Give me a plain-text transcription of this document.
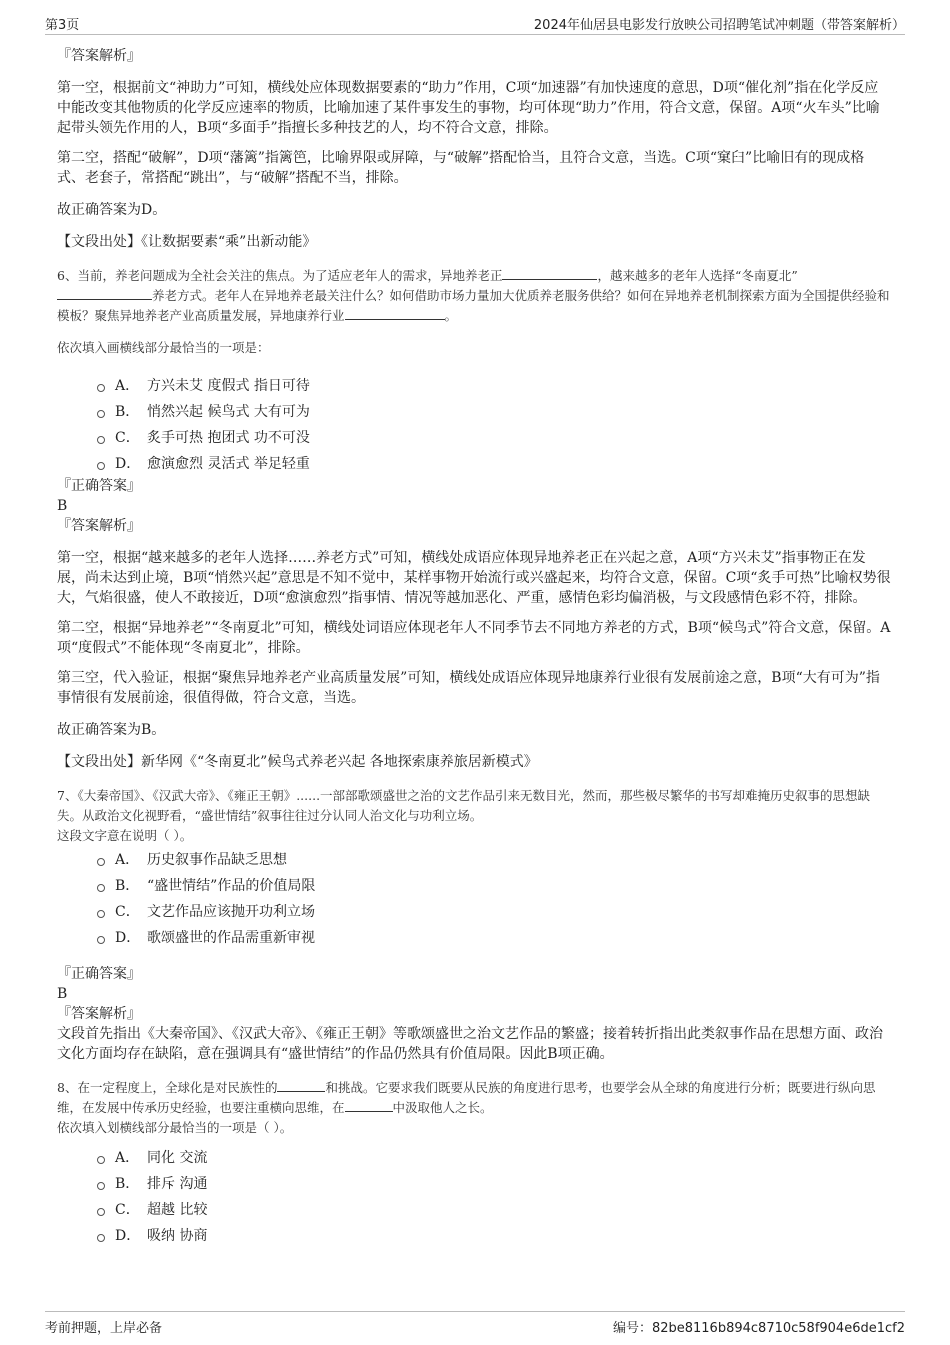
第3页	2024年仙居县电影发行放映公司招聘笔试冲刺题（带答案解析）
『答案解析』

第一空，根据前文“神助力”可知，横线处应体现数据要素的“助力”作用，C项“加速器”有加快速度的意思，D项“催化剂”指在化学反应中能改变其他物质的化学反应速率的物质，比喻加速了某件事发生的事物，均可体现“助力”作用，符合文意，保留。A项“火车头”比喻起带头领先作用的人，B项“多面手”指擅长多种技艺的人，均不符合文意，排除。

第二空，搭配“破解”，D项“藩篱”指篱笆，比喻界限或屏障，与“破解”搭配恰当，且符合文意，当选。C项“窠臼”比喻旧有的现成格式、老套子，常搭配“跳出”，与“破解”搭配不当，排除。

故正确答案为D。

【文段出处】《让数据要素“乘”出新动能》

6、当前，养老问题成为全社会关注的焦点。为了适应老年人的需求，异地养老正	，越来越多的老年人选择“冬南夏北”养老方式。老年人在异地养老最关注什么？如何借助市场力量加大优质养老服务供给？如何在异地养老机制探索方面为全国提供经验和模板？聚焦异地养老产业高质量发展，异地康养行业	。

依次填入画横线部分最恰当的一项是：

A． 方兴未艾 度假式 指日可待
B． 悄然兴起 候鸟式 大有可为
C． 炙手可热 抱团式 功不可没
D． 愈演愈烈 灵活式 举足轻重
『正确答案』
B
『答案解析』

第一空，根据“越来越多的老年人选择……养老方式”可知，横线处成语应体现异地养老正在兴起之意，A项“方兴未艾”指事物正在发展，尚未达到止境，B项“悄然兴起”意思是不知不觉中，某样事物开始流行或兴盛起来，均符合文意，保留。C项“炙手可热”比喻权势很大，气焰很盛，使人不敢接近，D项“愈演愈烈”指事情、情况等越加恶化、严重，感情色彩均偏消极，与文段感情色彩不符，排除。

第二空，根据“异地养老”“冬南夏北”可知，横线处词语应体现老年人不同季节去不同地方养老的方式，B项“候鸟式”符合文意，保留。A项“度假式”不能体现“冬南夏北”，排除。

第三空，代入验证，根据“聚焦异地养老产业高质量发展”可知，横线处成语应体现异地康养行业很有发展前途之意，B项“大有可为”指事情很有发展前途，很值得做，符合文意，当选。

故正确答案为B。

【文段出处】新华网《“冬南夏北”候鸟式养老兴起 各地探索康养旅居新模式》

7、《大秦帝国》、《汉武大帝》、《雍正王朝》......一部部歌颂盛世之治的文艺作品引来无数目光，然而，那些极尽繁华的书写却难掩历史叙事的思想缺失。从政治文化视野看，“盛世情结”叙事往往过分认同人治文化与功利立场。

这段文字意在说明（ ）。

A． 历史叙事作品缺乏思想
B． “盛世情结”作品的价值局限
C． 文艺作品应该抛开功利立场
D． 歌颂盛世的作品需重新审视
『正确答案』
B
『答案解析』

文段首先指出《大秦帝国》、《汉武大帝》、《雍正王朝》等歌颂盛世之治文艺作品的繁盛；接着转折指出此类叙事作品在思想方面、政治文化方面均存在缺陷，意在强调具有“盛世情结”的作品仍然具有价值局限。因此B项正确。

8、在一定程度上，全球化是对民族性的	和挑战。它要求我们既要从民族的角度进行思考，也要学会从全球的角度进行分析；既要进行纵向思维，在发展中传承历史经验，也要注重横向思维，在	中汲取他人之长。

依次填入划横线部分最恰当的一项是（ ）。

A． 同化 交流
B． 排斥 沟通
C． 超越 比较
D． 吸纳 协商
考前押题，上岸必备	编号：82be8116b894c8710c58f904e6de1cf2
